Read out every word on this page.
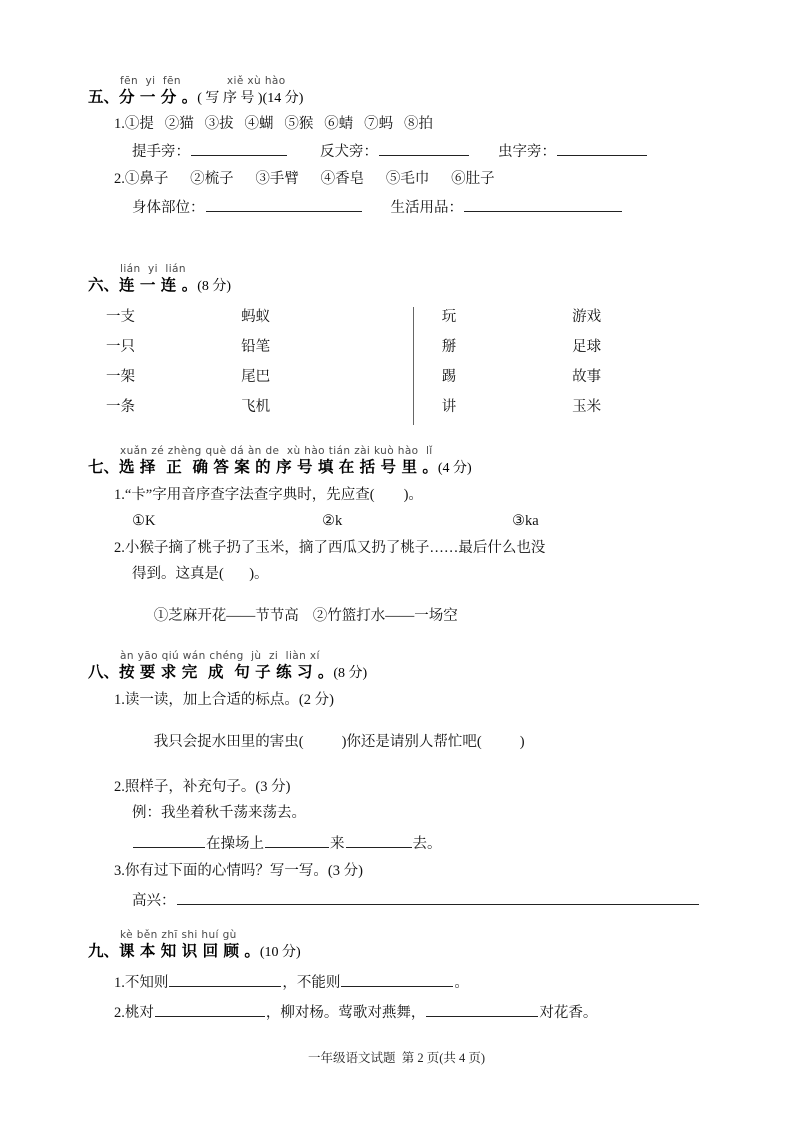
fēn  yi  fēn	xiě xù hào
五、分 一 分 。( 写 序 号 )(14 分)
1.①提   ②猫   ③拔   ④蝴   ⑤猴   ⑥蜻   ⑦蚂   ⑧拍
提手旁：	反犬旁：	虫字旁：
2.①鼻子      ②梳子      ③手臂      ④香皂      ⑤毛巾      ⑥肚子
身体部位：	生活用品：
lián  yi  lián
六、连 一 连 。(8 分)
一支	蚂蚁	玩	游戏
一只	铅笔	掰	足球
一架	尾巴	踢	故事
一条	飞机	讲	玉米
xuǎn zé zhèng què dá àn de  xù hào tián zài kuò hào  lǐ
七、选 择  正  确 答 案 的 序 号 填 在 括 号 里 。(4 分)
1.“卡”字用音序查字法查字典时，先应查(        )。
①K	②k	③ka
2.小猴子摘了桃子扔了玉米，摘了西瓜又扔了桃子……最后什么也没
得到。这真是(       )。

①芝麻开花——节节高 ②竹篮打水——一场空

àn yāo qiú wán chéng  jù  zi  liàn xí
八、按 要 求 完  成  句 子 练 习 。(8 分)
1.读一读，加上合适的标点。(2 分)

我只会捉水田里的害虫(	)你还是请别人帮忙吧(	)

2.照样子，补充句子。(3 分)
例：我坐着秋千荡来荡去。
在操场上	来	去。
3.你有过下面的心情吗？写一写。(3 分)
高兴：
kè běn zhī shi huí gù
九、课 本 知 识 回 顾 。(10 分)
1. 不知则	，不能则	。
2. 桃对	，柳对杨。莺歌对燕舞，	对花香。
一年级语文试题  第 2 页(共 4 页)
